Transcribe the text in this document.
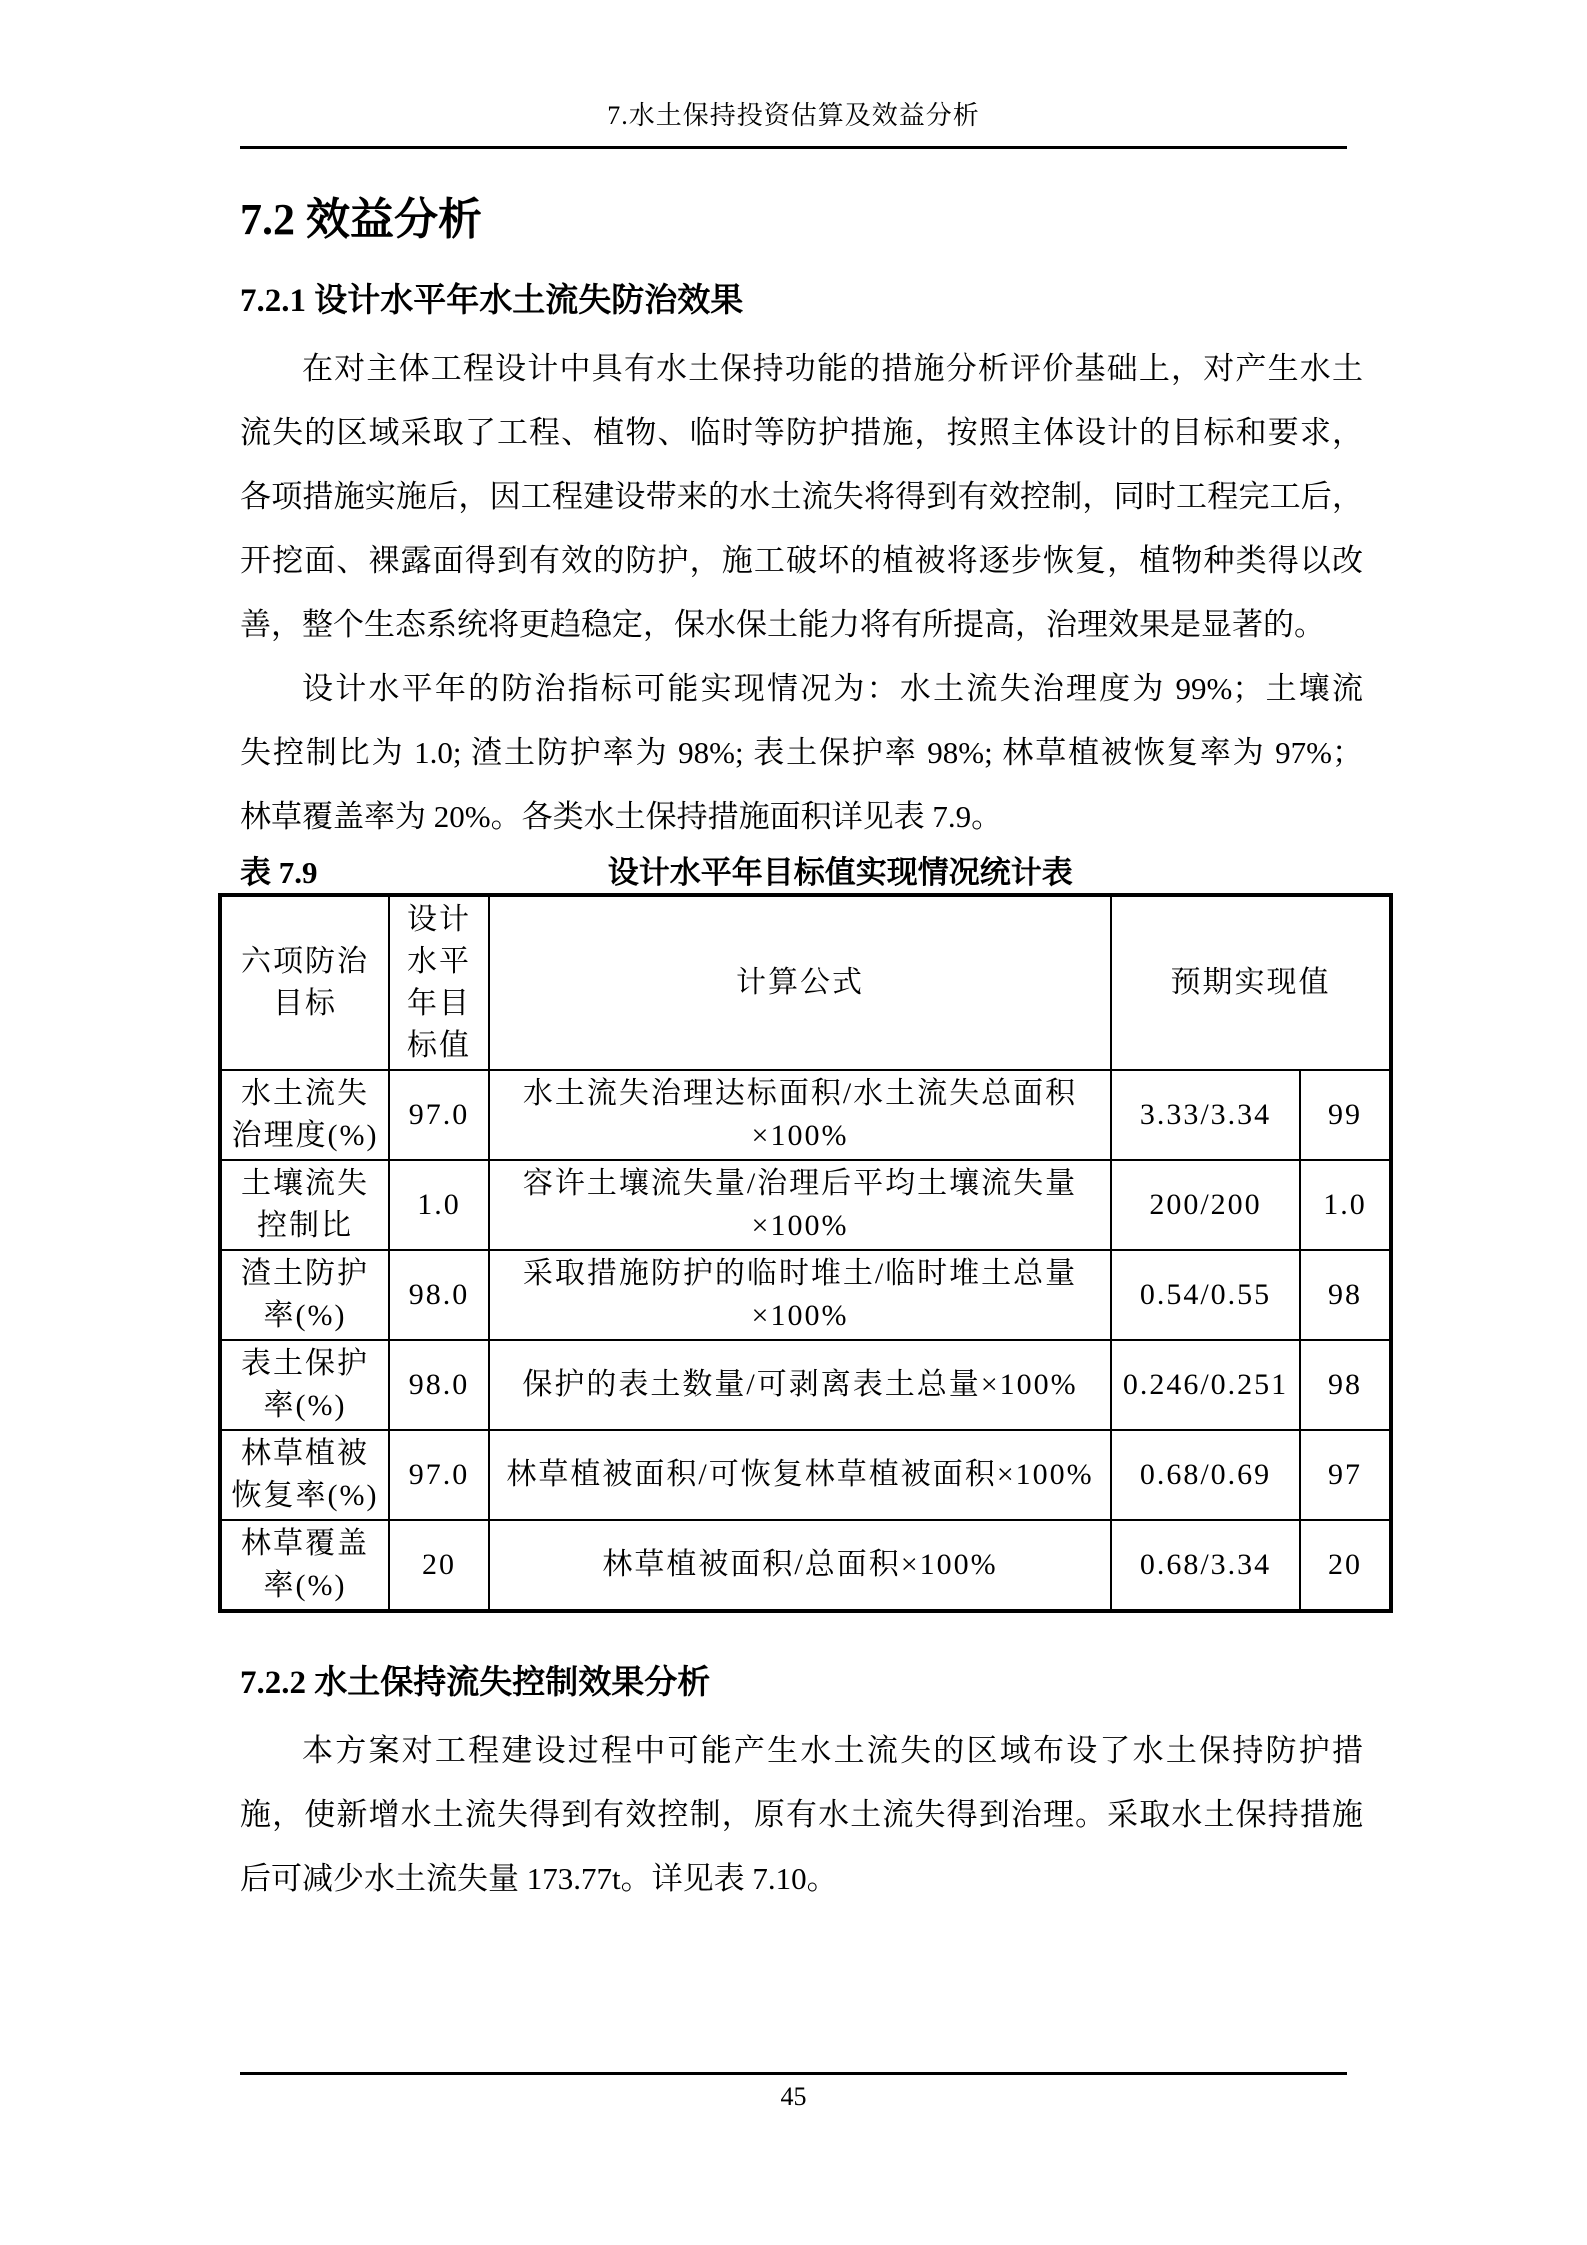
7.水土保持投资估算及效益分析
7.2 效益分析
7.2.1 设计水平年水土流失防治效果
在对主体工程设计中具有水土保持功能的措施分析评价基础上，对产生水土
流失的区域采取了工程、植物、临时等防护措施，按照主体设计的目标和要求，
各项措施实施后，因工程建设带来的水土流失将得到有效控制，同时工程完工后，
开挖面、裸露面得到有效的防护，施工破坏的植被将逐步恢复，植物种类得以改
善，整个生态系统将更趋稳定，保水保土能力将有所提高，治理效果是显著的。
设计水平年的防治指标可能实现情况为：水土流失治理度为 99%；土壤流
失控制比为 1.0; 渣土防护率为 98%; 表土保护率 98%; 林草植被恢复率为 97%；
林草覆盖率为 20%。各类水土保持措施面积详见表 7.9。
表 7.9	设计水平年目标值实现情况统计表
六项防治目标	设计水平年目标值	计算公式	预期实现值	
水土流失治理度(%)	97.0	水土流失治理达标面积/水土流失总面积×100%	3.33/3.34	99
土壤流失控制比	1.0	容许土壤流失量/治理后平均土壤流失量×100%	200/200	1.0
渣土防护率(%)	98.0	采取措施防护的临时堆土/临时堆土总量×100%	0.54/0.55	98
表土保护率(%)	98.0	保护的表土数量/可剥离表土总量×100%	0.246/0.251	98
林草植被恢复率(%)	97.0	林草植被面积/可恢复林草植被面积×100%	0.68/0.69	97
林草覆盖率(%)	20	林草植被面积/总面积×100%	0.68/3.34	20
7.2.2 水土保持流失控制效果分析
本方案对工程建设过程中可能产生水土流失的区域布设了水土保持防护措
施，使新增水土流失得到有效控制，原有水土流失得到治理。采取水土保持措施
后可减少水土流失量 173.77t。详见表 7.10。
45
